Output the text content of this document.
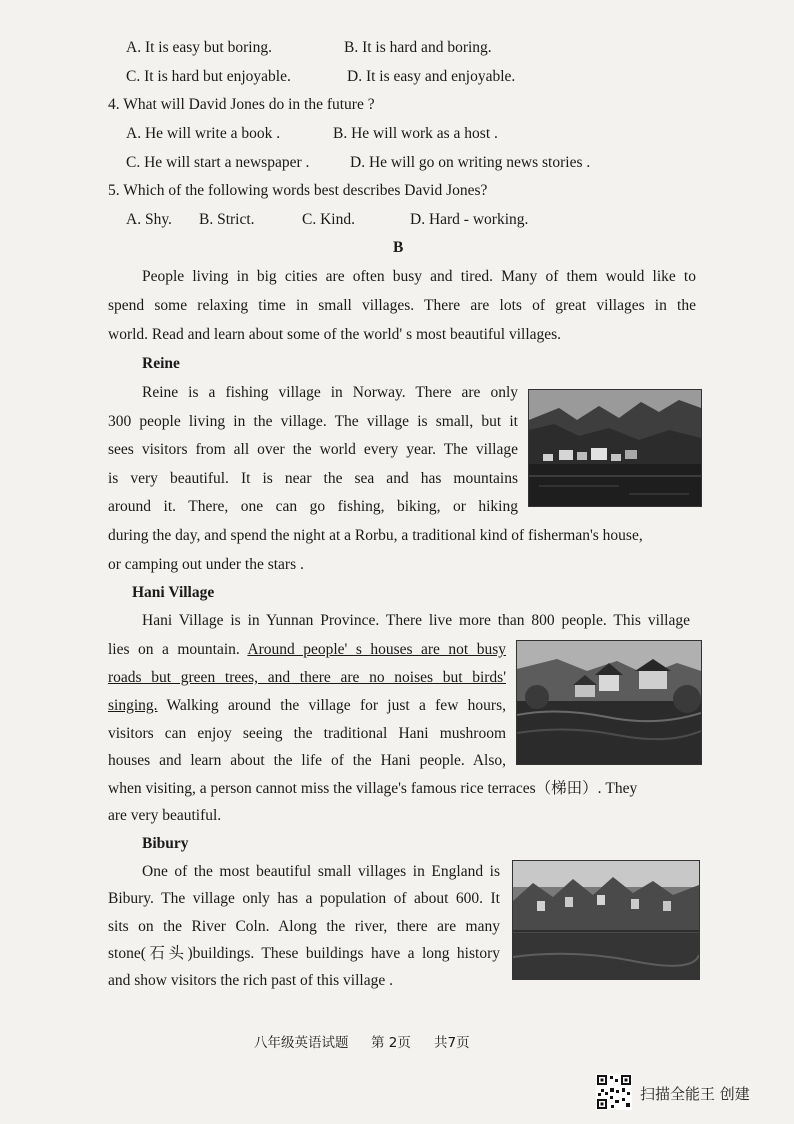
A. It is easy but boring.	B. It is hard and boring.
C. It is hard but enjoyable.	D. It is easy and enjoyable.
4. What will David Jones do in the future ?
A. He will write a book .	B. He will work as a host .
C. He will start a newspaper .	D. He will go on writing news stories .
5. Which of the following words best describes David Jones?
A. Shy. B. Strict.	C. Kind.	D. Hard - working.
B
People living in big cities are often busy and tired. Many of them would like to
spend some relaxing time in small villages. There are lots of great villages in the
world. Read and learn about some of the world' s most beautiful villages.
Reine
Reine is a fishing village in Norway. There are only
300 people living in the village. The village is small, but it
sees visitors from all over the world every year. The village
is very beautiful. It is near the sea and has mountains
around it. There, one can go fishing, biking, or hiking
during the day, and spend the night at a Rorbu, a traditional kind of fisherman's house,
or camping out under the stars .
Hani Village
Hani Village is in Yunnan Province. There live more than 800 people. This village
lies on a mountain. Around people' s houses are not busy
roads but green trees, and there are no noises but birds'
singing. Walking around the village for just a few hours,
visitors can enjoy seeing the traditional Hani mushroom
houses and learn about the life of the Hani people. Also,
when visiting, a person cannot miss the village's famous rice terraces（梯田）. They
are very beautiful.
Bibury
One of the most beautiful small villages in England is
Bibury. The village only has a population of about 600. It
sits on the River Coln. Along the river, there are many
stone(石头)buildings. These buildings have a long history
and show visitors the rich past of this village .
八年级英语试题 第 2页 共7页
扫描全能王 创建
